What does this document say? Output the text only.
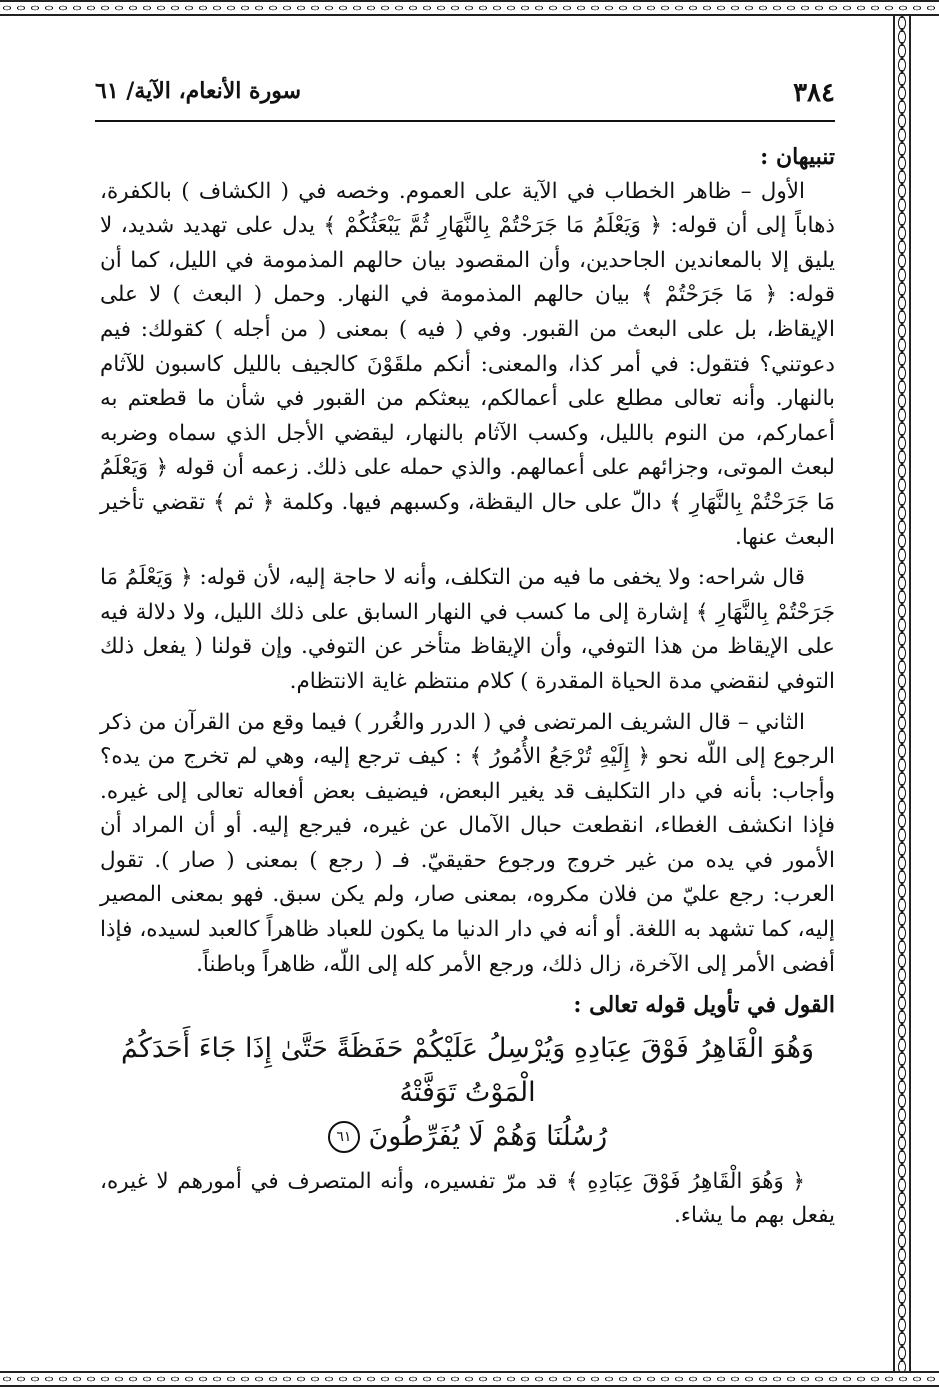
٣٨٤
سورة الأنعام، الآية/ ٦١

تنبيهان :

الأول – ظاهر الخطاب في الآية على العموم. وخصه في ( الكشاف ) بالكفرة، ذهاباً إلى أن قوله: ﴿ وَيَعْلَمُ مَا جَرَحْتُمْ بِالنَّهَارِ ثُمَّ يَبْعَثُكُمْ ﴾ يدل على تهديد شديد، لا يليق إلا بالمعاندين الجاحدين، وأن المقصود بيان حالهم المذمومة في الليل، كما أن قوله: ﴿ مَا جَرَحْتُمْ ﴾ بيان حالهم المذمومة في النهار. وحمل ( البعث ) لا على الإيقاظ، بل على البعث من القبور. وفي ( فيه ) بمعنى ( من أجله ) كقولك: فيم دعوتني؟ فتقول: في أمر كذا، والمعنى: أنكم ملقَوْنَ كالجيف بالليل كاسبون للآثام بالنهار. وأنه تعالى مطلع على أعمالكم، يبعثكم من القبور في شأن ما قطعتم به أعماركم، من النوم بالليل، وكسب الآثام بالنهار، ليقضي الأجل الذي سماه وضربه لبعث الموتى، وجزائهم على أعمالهم. والذي حمله على ذلك. زعمه أن قوله ﴿ وَيَعْلَمُ مَا جَرَحْتُمْ بِالنَّهَارِ ﴾ دالّ على حال اليقظة، وكسبهم فيها. وكلمة ﴿ ثم ﴾ تقضي تأخير البعث عنها.

قال شراحه: ولا يخفى ما فيه من التكلف، وأنه لا حاجة إليه، لأن قوله: ﴿ وَيَعْلَمُ مَا جَرَحْتُمْ بِالنَّهَارِ ﴾ إشارة إلى ما كسب في النهار السابق على ذلك الليل، ولا دلالة فيه على الإيقاظ من هذا التوفي، وأن الإيقاظ متأخر عن التوفي. وإن قولنا ( يفعل ذلك التوفي لنقضي مدة الحياة المقدرة ) كلام منتظم غاية الانتظام.

الثاني – قال الشريف المرتضى في ( الدرر والغُرر ) فيما وقع من القرآن من ذكر الرجوع إلى اللّه نحو ﴿ إِلَيْهِ تُرْجَعُ الأُمُورُ ﴾ : كيف ترجع إليه، وهي لم تخرج من يده؟ وأجاب: بأنه في دار التكليف قد يغير البعض، فيضيف بعض أفعاله تعالى إلى غيره. فإذا انكشف الغطاء، انقطعت حبال الآمال عن غيره، فيرجع إليه. أو أن المراد أن الأمور في يده من غير خروج ورجوع حقيقيّ. فـ ( رجع ) بمعنى ( صار ). تقول العرب: رجع عليّ من فلان مكروه، بمعنى صار، ولم يكن سبق. فهو بمعنى المصير إليه، كما تشهد به اللغة. أو أنه في دار الدنيا ما يكون للعباد ظاهراً كالعبد لسيده، فإذا أفضى الأمر إلى الآخرة، زال ذلك، ورجع الأمر كله إلى اللّه، ظاهراً وباطناً.

القول في تأويل قوله تعالى :

وَهُوَ الْقَاهِرُ فَوْقَ عِبَادِهِ وَيُرْسِلُ عَلَيْكُمْ حَفَظَةً حَتَّىٰ إِذَا جَاءَ أَحَدَكُمُ الْمَوْتُ تَوَفَّتْهُ
رُسُلُنَا وَهُمْ لَا يُفَرِّطُونَ ٦١

﴿ وَهُوَ الْقَاهِرُ فَوْقَ عِبَادِهِ ﴾ قد مرّ تفسيره، وأنه المتصرف في أمورهم لا غيره، يفعل بهم ما يشاء.
